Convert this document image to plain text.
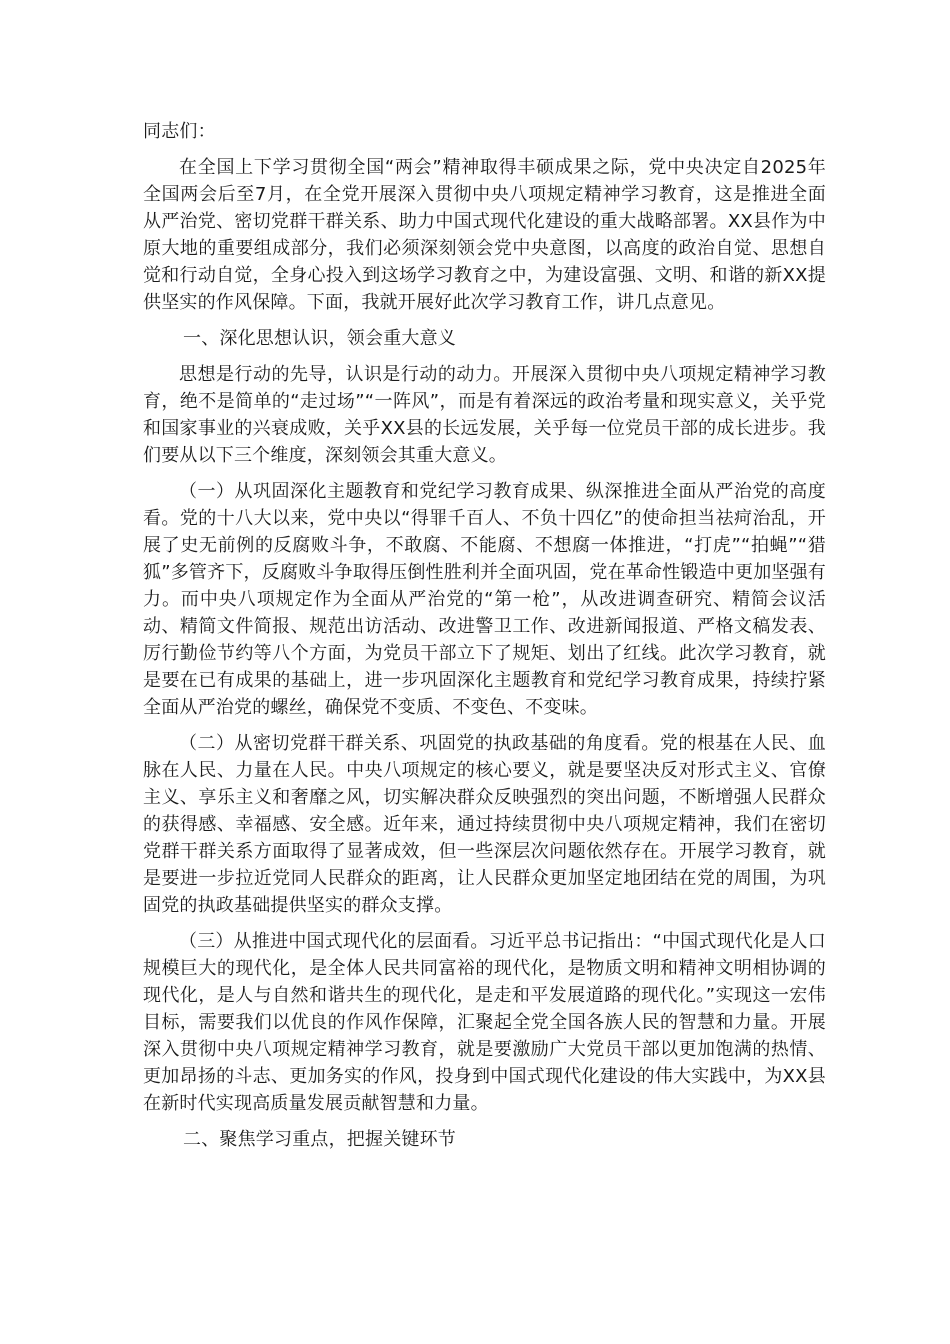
同志们：

在全国上下学习贯彻全国“两会”精神取得丰硕成果之际，党中央决定自2025年全国两会后至7月，在全党开展深入贯彻中央八项规定精神学习教育，这是推进全面从严治党、密切党群干群关系、助力中国式现代化建设的重大战略部署。XX县作为中原大地的重要组成部分，我们必须深刻领会党中央意图，以高度的政治自觉、思想自觉和行动自觉，全身心投入到这场学习教育之中，为建设富强、文明、和谐的新XX提供坚实的作风保障。下面，我就开展好此次学习教育工作，讲几点意见。

一、深化思想认识，领会重大意义

思想是行动的先导，认识是行动的动力。开展深入贯彻中央八项规定精神学习教育，绝不是简单的“走过场”“一阵风”，而是有着深远的政治考量和现实意义，关乎党和国家事业的兴衰成败，关乎XX县的长远发展，关乎每一位党员干部的成长进步。我们要从以下三个维度，深刻领会其重大意义。

（一）从巩固深化主题教育和党纪学习教育成果、纵深推进全面从严治党的高度看。党的十八大以来，党中央以“得罪千百人、不负十四亿”的使命担当祛疴治乱，开展了史无前例的反腐败斗争，不敢腐、不能腐、不想腐一体推进，“打虎”“拍蝇”“猎狐”多管齐下，反腐败斗争取得压倒性胜利并全面巩固，党在革命性锻造中更加坚强有力。而中央八项规定作为全面从严治党的“第一枪”，从改进调查研究、精简会议活动、精简文件简报、规范出访活动、改进警卫工作、改进新闻报道、严格文稿发表、厉行勤俭节约等八个方面，为党员干部立下了规矩、划出了红线。此次学习教育，就是要在已有成果的基础上，进一步巩固深化主题教育和党纪学习教育成果，持续拧紧全面从严治党的螺丝，确保党不变质、不变色、不变味。

（二）从密切党群干群关系、巩固党的执政基础的角度看。党的根基在人民、血脉在人民、力量在人民。中央八项规定的核心要义，就是要坚决反对形式主义、官僚主义、享乐主义和奢靡之风，切实解决群众反映强烈的突出问题，不断增强人民群众的获得感、幸福感、安全感。近年来，通过持续贯彻中央八项规定精神，我们在密切党群干群关系方面取得了显著成效，但一些深层次问题依然存在。开展学习教育，就是要进一步拉近党同人民群众的距离，让人民群众更加坚定地团结在党的周围，为巩固党的执政基础提供坚实的群众支撑。

（三）从推进中国式现代化的层面看。习近平总书记指出：“中国式现代化是人口规模巨大的现代化，是全体人民共同富裕的现代化，是物质文明和精神文明相协调的现代化，是人与自然和谐共生的现代化，是走和平发展道路的现代化。”实现这一宏伟目标，需要我们以优良的作风作保障，汇聚起全党全国各族人民的智慧和力量。开展深入贯彻中央八项规定精神学习教育，就是要激励广大党员干部以更加饱满的热情、更加昂扬的斗志、更加务实的作风，投身到中国式现代化建设的伟大实践中，为XX县在新时代实现高质量发展贡献智慧和力量。

二、聚焦学习重点，把握关键环节
